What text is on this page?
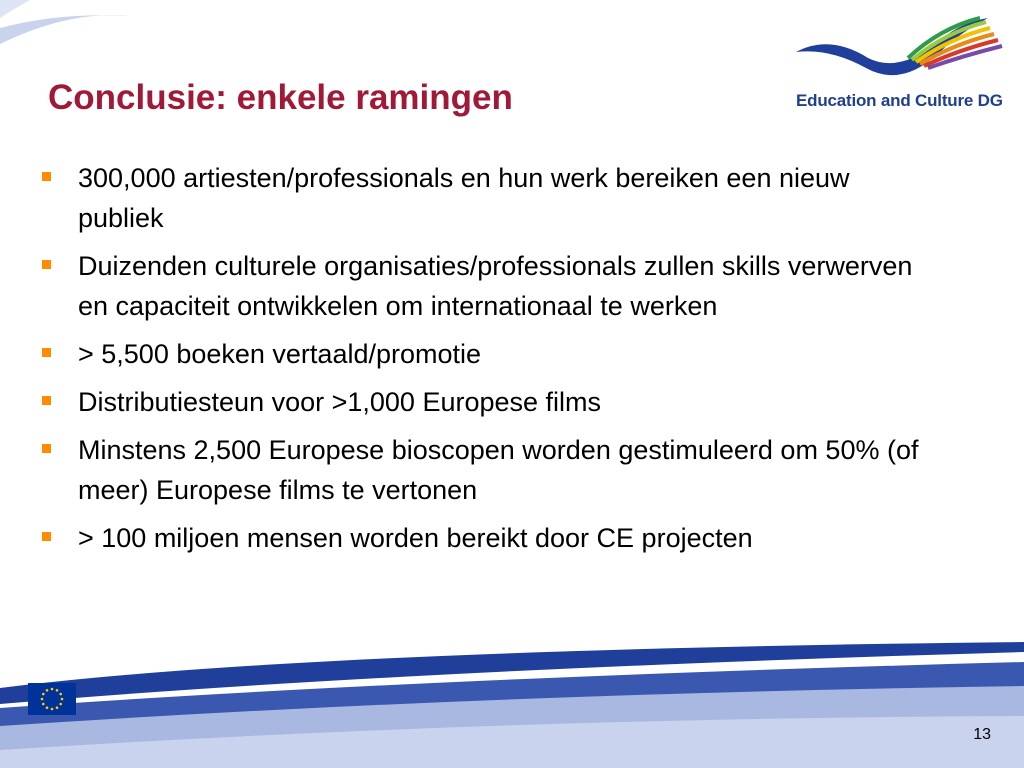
Education and Culture DG
Conclusie: enkele ramingen
300,000 artiesten/professionals en hun werk bereiken een nieuw publiek
Duizenden culturele organisaties/professionals zullen skills verwerven en capaciteit ontwikkelen om internationaal te werken
> 5,500 boeken vertaald/promotie
Distributiesteun voor >1,000 Europese films
Minstens 2,500 Europese bioscopen worden gestimuleerd om 50% (of meer) Europese films te vertonen
> 100 miljoen mensen worden bereikt door CE projecten
13
